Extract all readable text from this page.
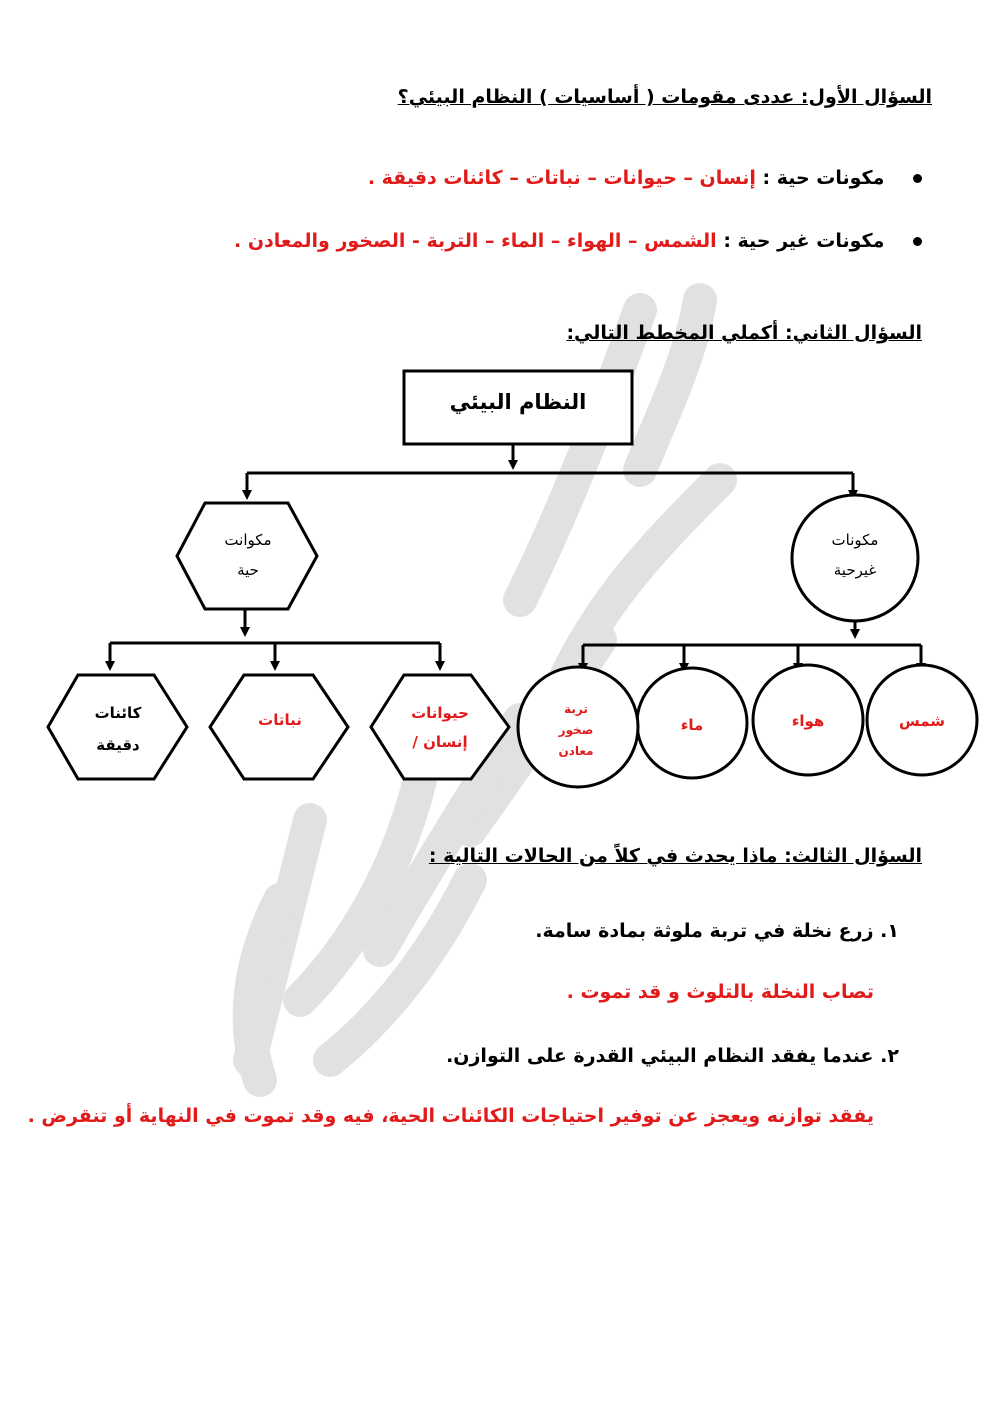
السؤال الأول: عددى مقومات ( أساسيات ) النظام البيئي؟
مكونات حية : إنسان – حيوانات – نباتات – كائنات دقيقة .
مكونات غير حية : الشمس – الهواء – الماء – التربة - الصخور والمعادن .
السؤال الثاني: أكملي المخطط التالي:
النظام البيئي
مكوانت
حية
مكونات
غيرحية
حيوانات
/ إنسان
نباتات
كائنات
دقيقة
شمس
هواء
ماء
تربة
صخور
معادن
السؤال الثالث: ماذا يحدث في كلاً من الحالات التالية :
١. زرع نخلة في تربة ملوثة بمادة سامة.
تصاب النخلة بالتلوث و قد تموت .
٢. عندما يفقد النظام البيئي القدرة على التوازن.
يفقد توازنه ويعجز عن توفير احتياجات الكائنات الحية، فيه وقد تموت في النهاية أو تنقرض .
